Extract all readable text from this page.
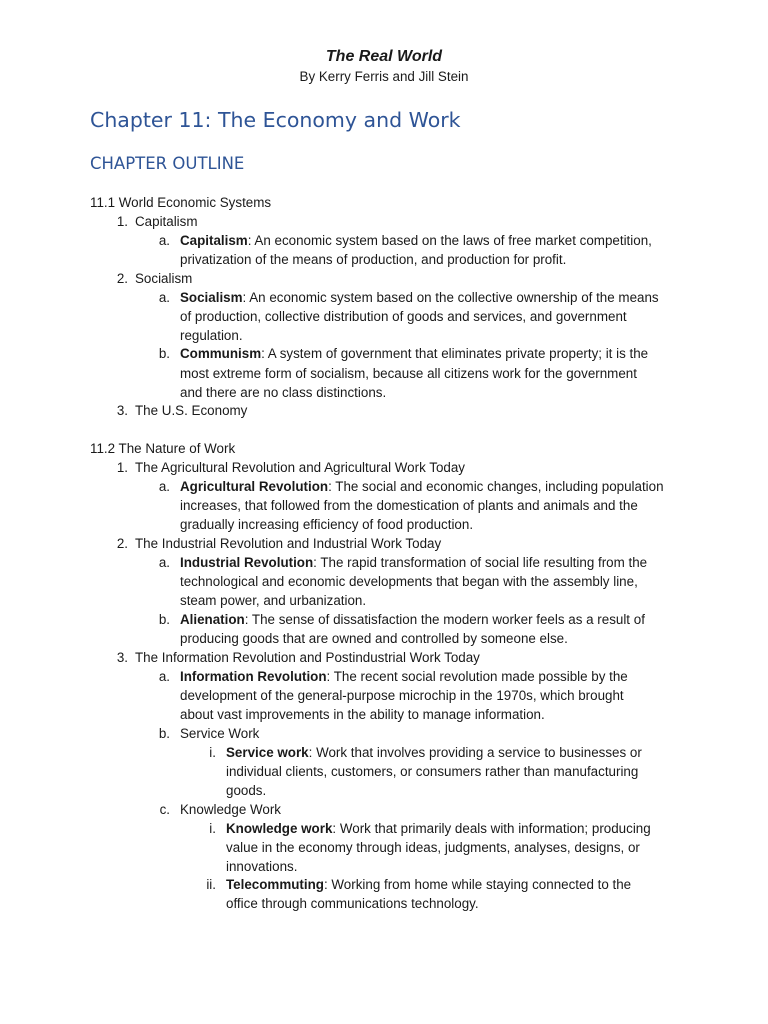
The Real World
By Kerry Ferris and Jill Stein
Chapter 11: The Economy and Work
CHAPTER OUTLINE
11.1 World Economic Systems
1. Capitalism
a. Capitalism: An economic system based on the laws of free market competition,
privatization of the means of production, and production for profit.
2. Socialism
a. Socialism: An economic system based on the collective ownership of the means
of production, collective distribution of goods and services, and government
regulation.
b. Communism: A system of government that eliminates private property; it is the
most extreme form of socialism, because all citizens work for the government
and there are no class distinctions.
3. The U.S. Economy
11.2 The Nature of Work
1. The Agricultural Revolution and Agricultural Work Today
a. Agricultural Revolution: The social and economic changes, including population
increases, that followed from the domestication of plants and animals and the
gradually increasing efficiency of food production.
2. The Industrial Revolution and Industrial Work Today
a. Industrial Revolution: The rapid transformation of social life resulting from the
technological and economic developments that began with the assembly line,
steam power, and urbanization.
b. Alienation: The sense of dissatisfaction the modern worker feels as a result of
producing goods that are owned and controlled by someone else.
3. The Information Revolution and Postindustrial Work Today
a. Information Revolution: The recent social revolution made possible by the
development of the general-purpose microchip in the 1970s, which brought
about vast improvements in the ability to manage information.
b. Service Work
i. Service work: Work that involves providing a service to businesses or
individual clients, customers, or consumers rather than manufacturing
goods.
c. Knowledge Work
i. Knowledge work: Work that primarily deals with information; producing
value in the economy through ideas, judgments, analyses, designs, or
innovations.
ii. Telecommuting: Working from home while staying connected to the
office through communications technology.
